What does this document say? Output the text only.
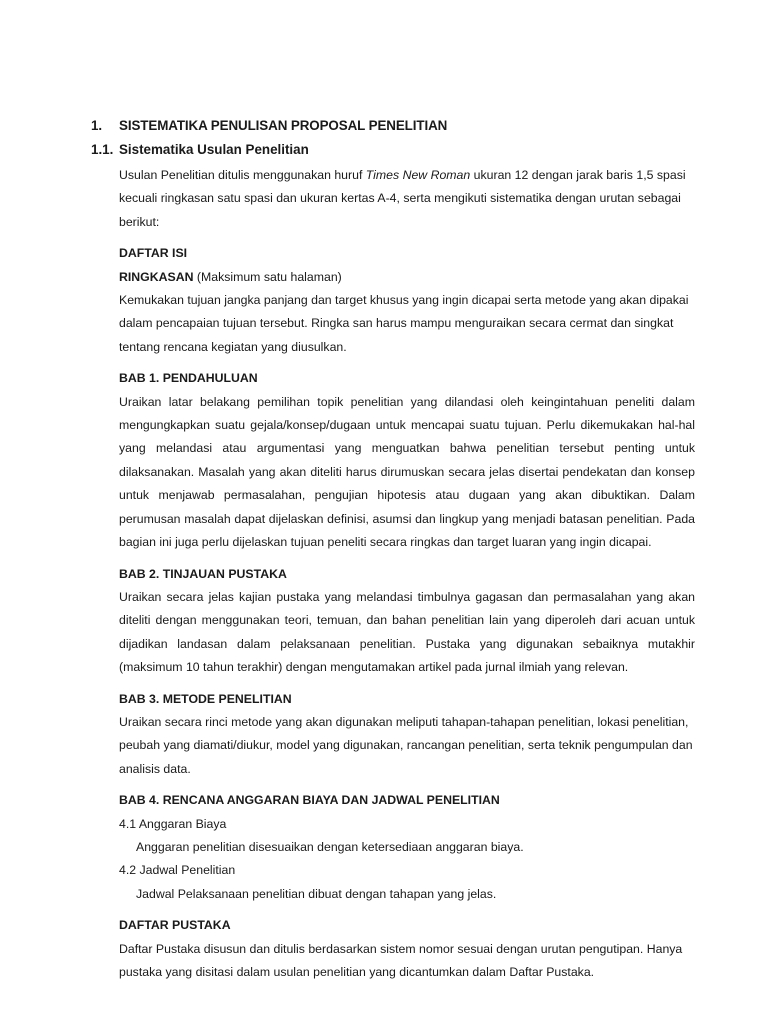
1. SISTEMATIKA PENULISAN PROPOSAL PENELITIAN
1.1. Sistematika Usulan Penelitian

Usulan Penelitian ditulis menggunakan huruf Times New Roman ukuran 12 dengan jarak baris 1,5 spasi kecuali ringkasan satu spasi dan ukuran kertas A-4, serta mengikuti sistematika dengan urutan sebagai berikut:

DAFTAR ISI

RINGKASAN (Maksimum satu halaman)

Kemukakan tujuan jangka panjang dan target khusus yang ingin dicapai serta metode yang akan dipakai dalam pencapaian tujuan tersebut. Ringka san harus mampu menguraikan secara cermat dan singkat tentang rencana kegiatan yang diusulkan.

BAB 1. PENDAHULUAN

Uraikan latar belakang pemilihan topik penelitian yang dilandasi oleh keingintahuan peneliti dalam mengungkapkan suatu gejala/konsep/dugaan untuk mencapai suatu tujuan. Perlu dikemukakan hal-hal yang melandasi atau argumentasi yang menguatkan bahwa penelitian tersebut penting untuk dilaksanakan. Masalah yang akan diteliti harus dirumuskan secara jelas disertai pendekatan dan konsep untuk menjawab permasalahan, pengujian hipotesis atau dugaan yang akan dibuktikan. Dalam perumusan masalah dapat dijelaskan definisi, asumsi dan lingkup yang menjadi batasan penelitian. Pada bagian ini juga perlu dijelaskan tujuan peneliti secara ringkas dan target luaran yang ingin dicapai.

BAB 2. TINJAUAN PUSTAKA

Uraikan secara jelas kajian pustaka yang melandasi timbulnya gagasan dan permasalahan yang akan diteliti dengan menggunakan teori, temuan, dan bahan penelitian lain yang diperoleh dari acuan untuk dijadikan landasan dalam pelaksanaan penelitian. Pustaka yang digunakan sebaiknya mutakhir (maksimum 10 tahun terakhir) dengan mengutamakan artikel pada jurnal ilmiah yang relevan.

BAB 3. METODE PENELITIAN

Uraikan secara rinci metode yang akan digunakan meliputi tahapan-tahapan penelitian, lokasi penelitian, peubah yang diamati/diukur, model yang digunakan, rancangan penelitian, serta teknik pengumpulan dan analisis data.

BAB 4. RENCANA ANGGARAN BIAYA DAN JADWAL PENELITIAN

4.1 Anggaran Biaya

Anggaran penelitian disesuaikan dengan ketersediaan anggaran biaya.

4.2 Jadwal Penelitian

Jadwal Pelaksanaan penelitian dibuat dengan tahapan yang jelas.

DAFTAR PUSTAKA

Daftar Pustaka disusun dan ditulis berdasarkan sistem nomor sesuai dengan urutan pengutipan. Hanya pustaka yang disitasi dalam usulan penelitian yang dicantumkan dalam Daftar Pustaka.
